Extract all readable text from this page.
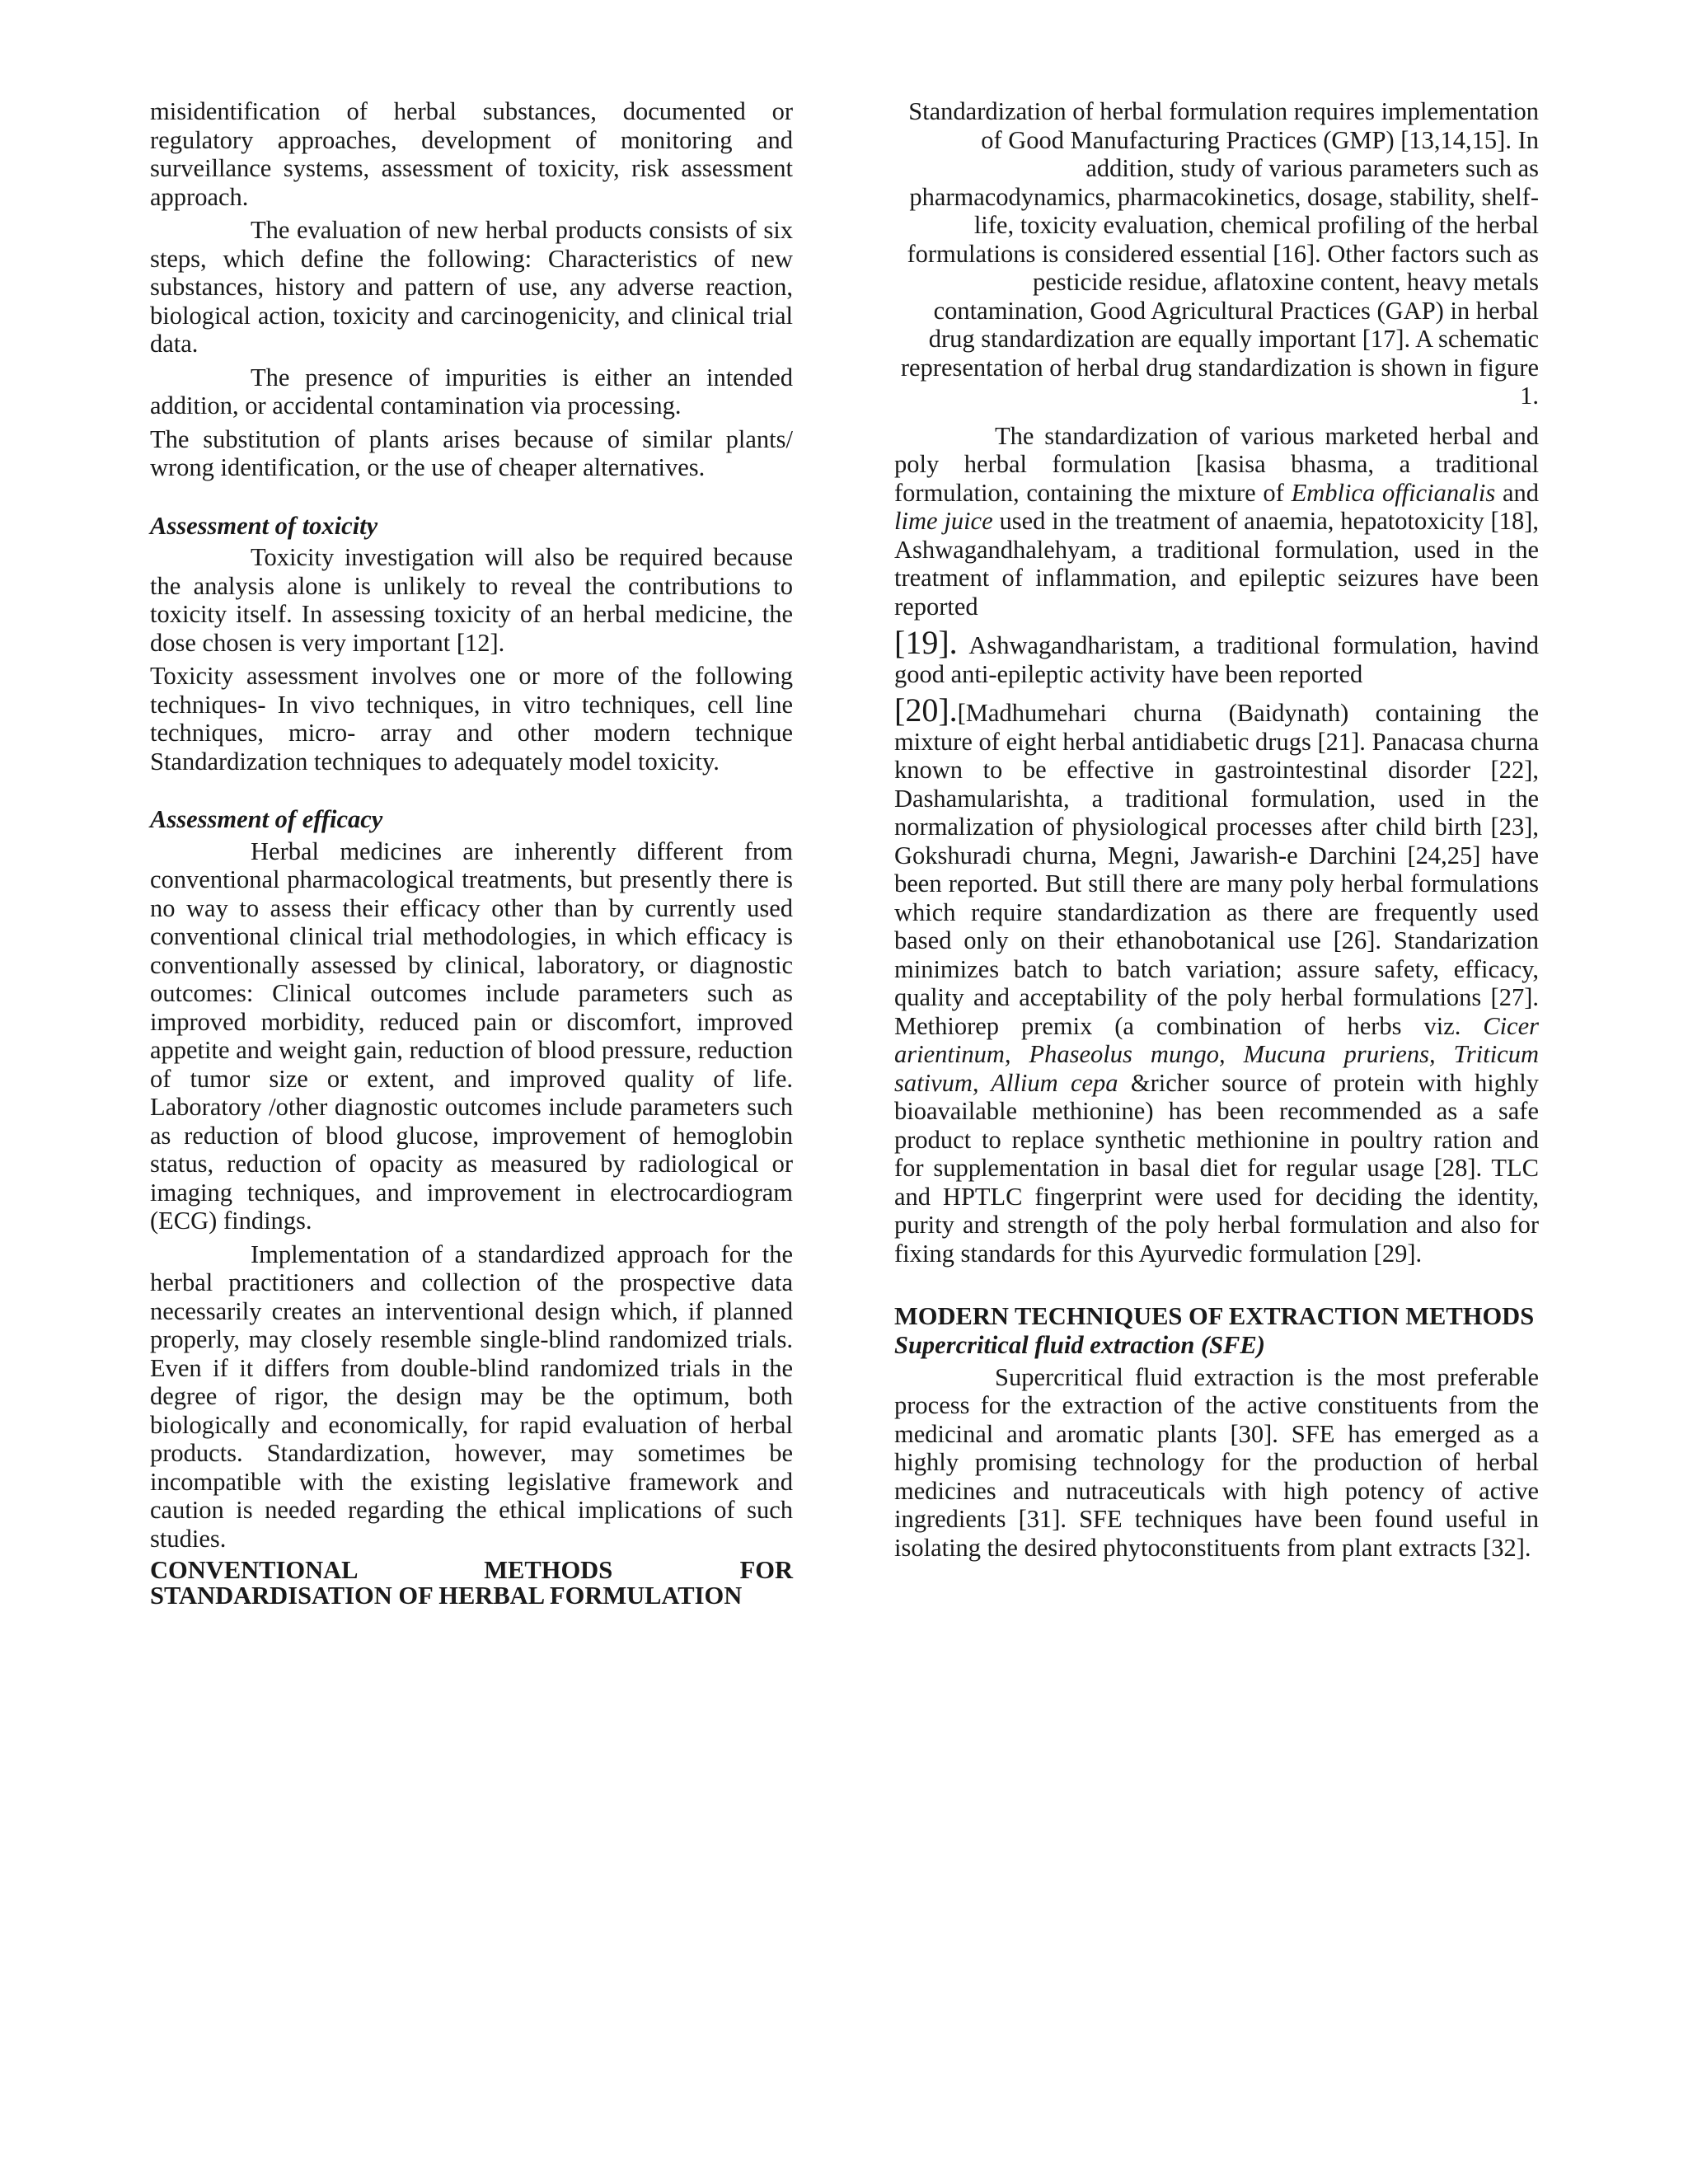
misidentification of herbal substances, documented or regulatory approaches, development of monitoring and surveillance systems, assessment of toxicity, risk assessment approach.

The evaluation of new herbal products consists of six steps, which define the following: Characteristics of new substances, history and pattern of use, any adverse reaction, biological action, toxicity and carcinogenicity, and clinical trial data.

The presence of impurities is either an intended addition, or accidental contamination via processing.

The substitution of plants arises because of similar plants/ wrong identification, or the use of cheaper alternatives.

Assessment of toxicity

Toxicity investigation will also be required because the analysis alone is unlikely to reveal the contributions to toxicity itself. In assessing toxicity of an herbal medicine, the dose chosen is very important [12].

Toxicity assessment involves one or more of the following techniques- In vivo techniques, in vitro techniques, cell line techniques, micro- array and other modern technique Standardization techniques to adequately model toxicity.

Assessment of efficacy

Herbal medicines are inherently different from conventional pharmacological treatments, but presently there is no way to assess their efficacy other than by currently used conventional clinical trial methodologies, in which efficacy is conventionally assessed by clinical, laboratory, or diagnostic outcomes: Clinical outcomes include parameters such as improved morbidity, reduced pain or discomfort, improved appetite and weight gain, reduction of blood pressure, reduction of tumor size or extent, and improved quality of life. Laboratory /other diagnostic outcomes include parameters such as reduction of blood glucose, improvement of hemoglobin status, reduction of opacity as measured by radiological or imaging techniques, and improvement in electrocardiogram (ECG) findings.

Implementation of a standardized approach for the herbal practitioners and collection of the prospective data necessarily creates an interventional design which, if planned properly, may closely resemble single-blind randomized trials. Even if it differs from double-blind randomized trials in the degree of rigor, the design may be the optimum, both biologically and economically, for rapid evaluation of herbal products. Standardization, however, may sometimes be incompatible with the existing legislative framework and caution is needed regarding the ethical implications of such studies.

CONVENTIONAL METHODS FOR STANDARDISATION OF HERBAL FORMULATION

Standardization of herbal formulation requires implementation of Good Manufacturing Practices (GMP) [13,14,15]. In addition, study of various parameters such as pharmacodynamics, pharmacokinetics, dosage, stability, shelf-life, toxicity evaluation, chemical profiling of the herbal formulations is considered essential [16]. Other factors such as pesticide residue, aflatoxine content, heavy metals contamination, Good Agricultural Practices (GAP) in herbal drug standardization are equally important [17]. A schematic representation of herbal drug standardization is shown in figure 1.

The standardization of various marketed herbal and poly herbal formulation [kasisa bhasma, a traditional formulation, containing the mixture of Emblica officianalis and lime juice used in the treatment of anaemia, hepatotoxicity [18], Ashwagandhalehyam, a traditional formulation, used in the treatment of inflammation, and epileptic seizures have been reported

[19]. Ashwagandharistam, a traditional formulation, havind good anti-epileptic activity have been reported

[20].[Madhumehari churna (Baidynath) containing the mixture of eight herbal antidiabetic drugs [21]. Panacasa churna known to be effective in gastrointestinal disorder [22], Dashamularishta, a traditional formulation, used in the normalization of physiological processes after child birth [23], Gokshuradi churna, Megni, Jawarish-e Darchini [24,25] have been reported. But still there are many poly herbal formulations which require standardization as there are frequently used based only on their ethanobotanical use [26]. Standarization minimizes batch to batch variation; assure safety, efficacy, quality and acceptability of the poly herbal formulations [27]. Methiorep premix (a combination of herbs viz. Cicer arientinum, Phaseolus mungo, Mucuna pruriens, Triticum sativum, Allium cepa &richer source of protein with highly bioavailable methionine) has been recommended as a safe product to replace synthetic methionine in poultry ration and for supplementation in basal diet for regular usage [28]. TLC and HPTLC fingerprint were used for deciding the identity, purity and strength of the poly herbal formulation and also for fixing standards for this Ayurvedic formulation [29].

MODERN TECHNIQUES OF EXTRACTION METHODS
Supercritical fluid extraction (SFE)

Supercritical fluid extraction is the most preferable process for the extraction of the active constituents from the medicinal and aromatic plants [30]. SFE has emerged as a highly promising technology for the production of herbal medicines and nutraceuticals with high potency of active ingredients [31]. SFE techniques have been found useful in isolating the desired phytoconstituents from plant extracts [32].
